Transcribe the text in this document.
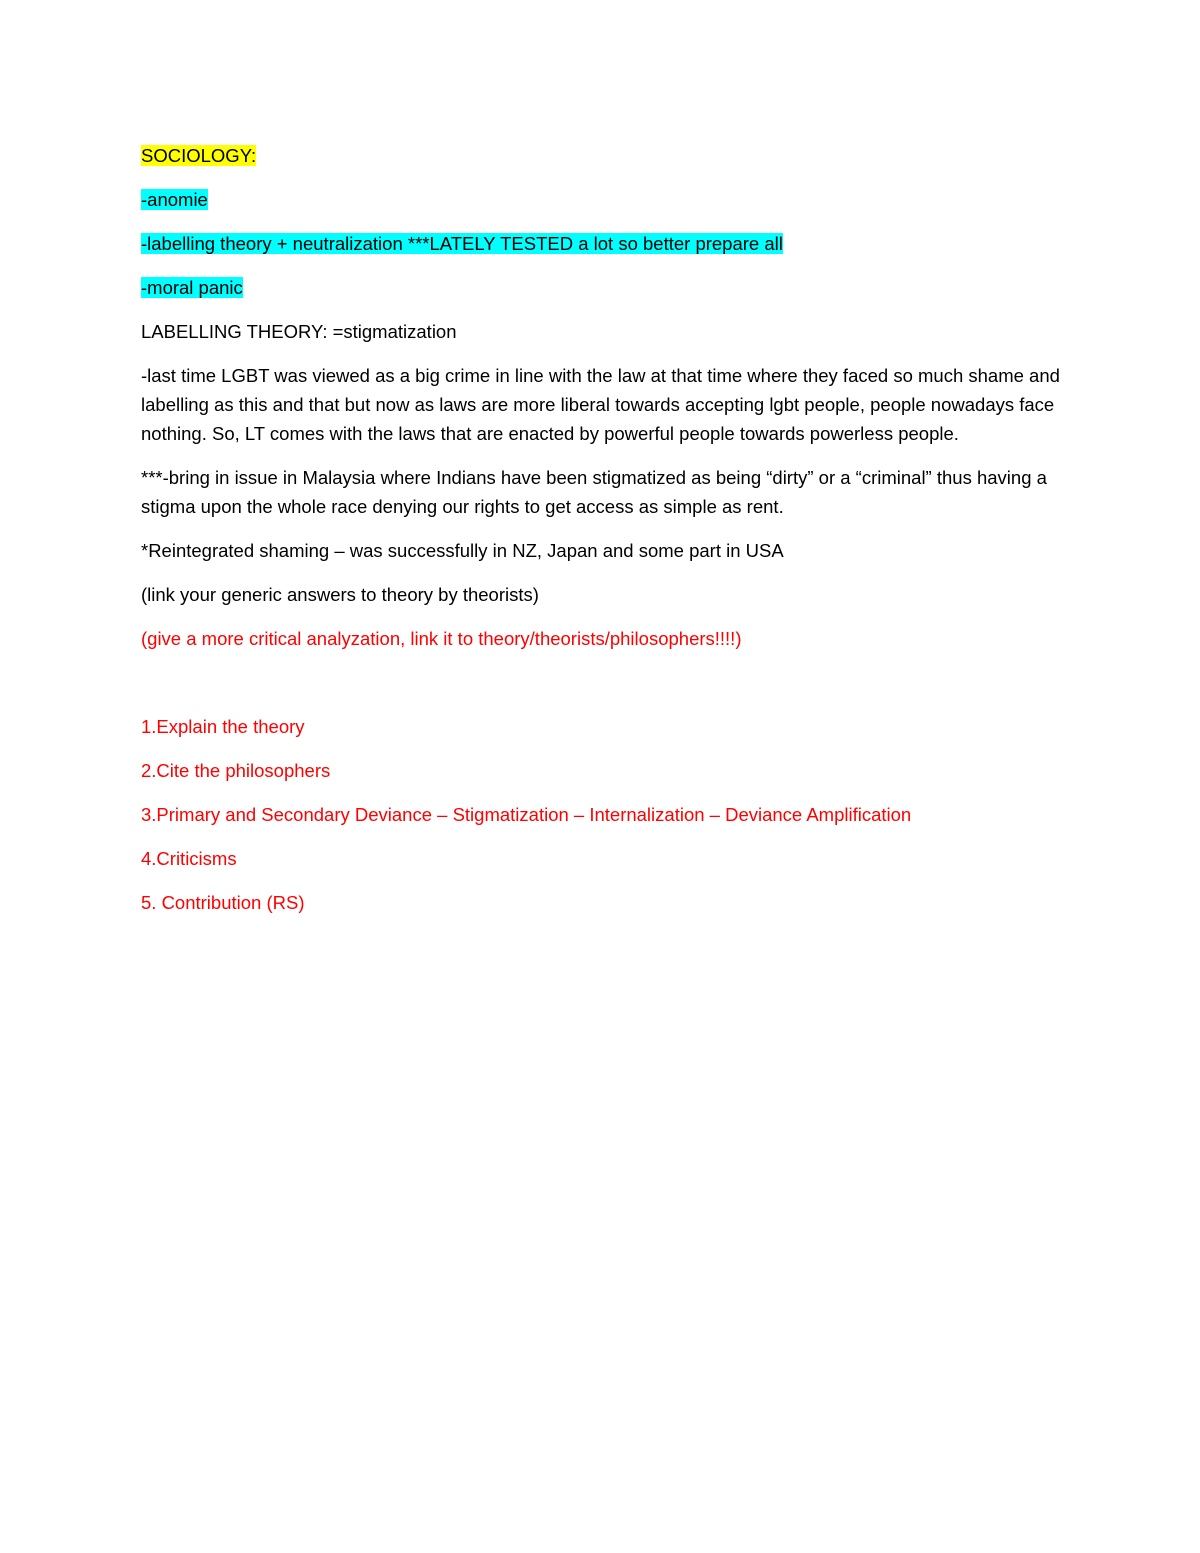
SOCIOLOGY:

-anomie

-labelling theory + neutralization ***LATELY TESTED a lot so better prepare all

-moral panic

LABELLING THEORY: =stigmatization

-last time LGBT was viewed as a big crime in line with the law at that time where they faced so much shame and labelling as this and that but now as laws are more liberal towards accepting lgbt people, people nowadays face nothing. So, LT comes with the laws that are enacted by powerful people towards powerless people.

***-bring in issue in Malaysia where Indians have been stigmatized as being “dirty” or a “criminal” thus having a stigma upon the whole race denying our rights to get access as simple as rent.

*Reintegrated shaming – was successfully in NZ, Japan and some part in USA

(link your generic answers to theory by theorists)

(give a more critical analyzation, link it to theory/theorists/philosophers!!!!)

1.Explain the theory

2.Cite the philosophers

3.Primary and Secondary Deviance – Stigmatization – Internalization – Deviance Amplification

4.Criticisms

5. Contribution (RS)
